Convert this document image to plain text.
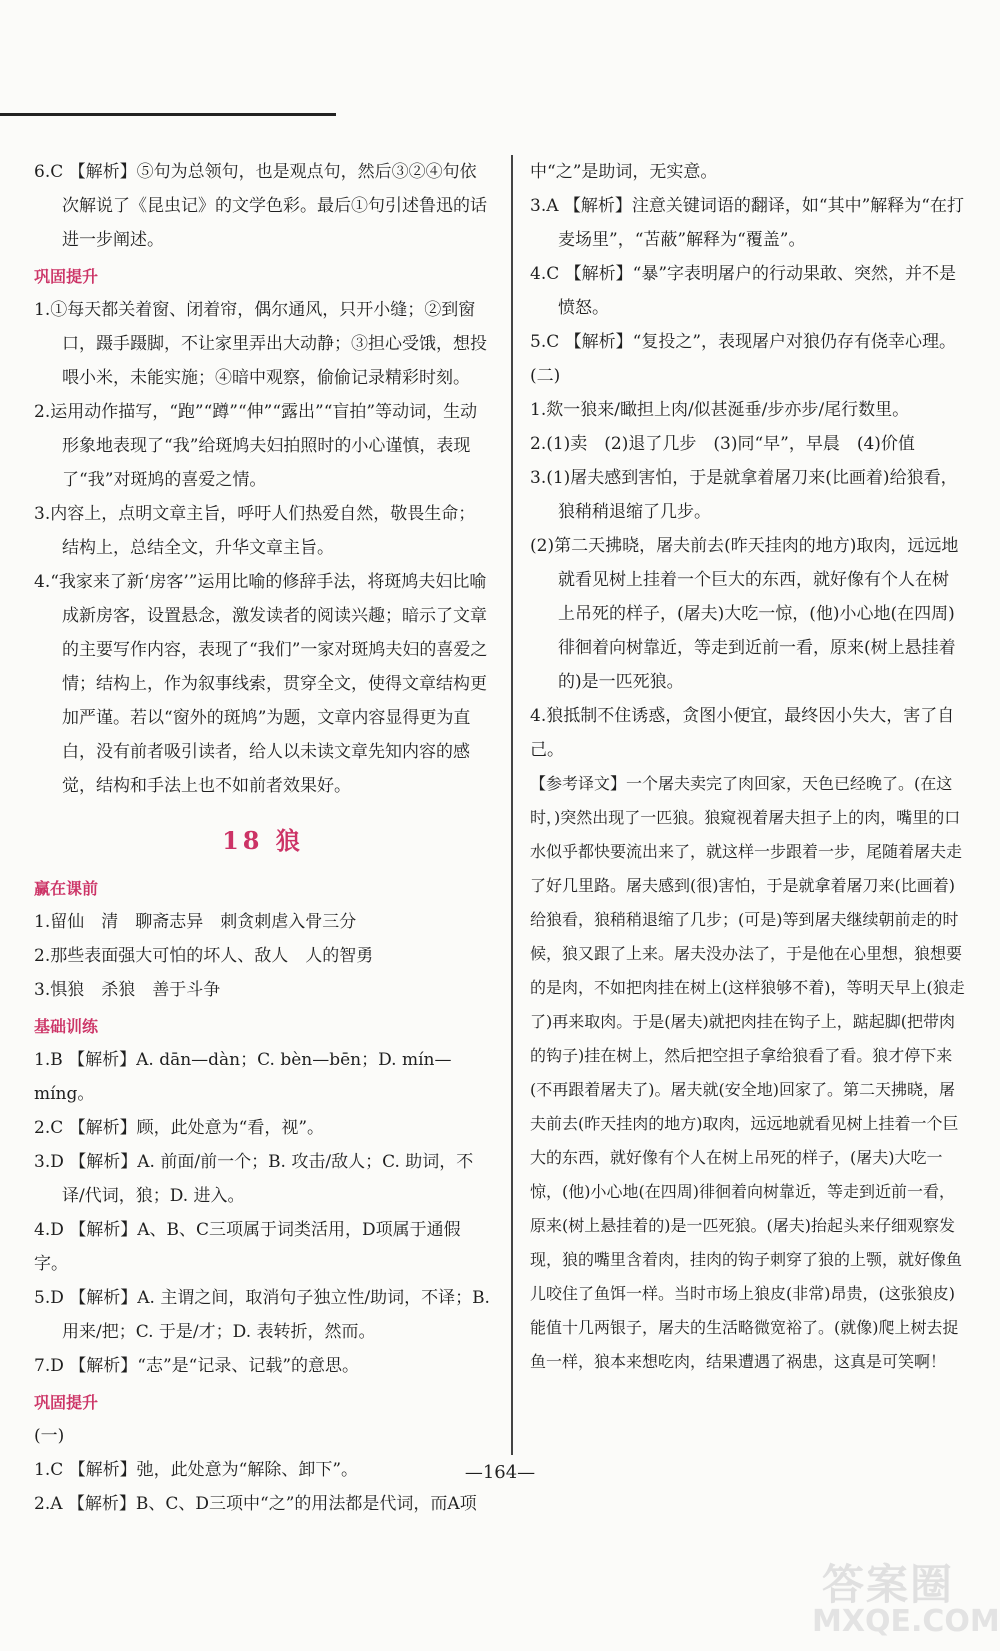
6.C 【解析】⑤句为总领句，也是观点句，然后③②④句依次解说了《昆虫记》的文学色彩。最后①句引述鲁迅的话进一步阐述。
巩固提升
1.①每天都关着窗、闭着帘，偶尔通风，只开小缝；②到窗口，蹑手蹑脚，不让家里弄出大动静；③担心受饿，想投喂小米，未能实施；④暗中观察，偷偷记录精彩时刻。
2.运用动作描写，“跑”“蹲”“伸”“露出”“盲拍”等动词，生动形象地表现了“我”给斑鸠夫妇拍照时的小心谨慎，表现了“我”对斑鸠的喜爱之情。
3.内容上，点明文章主旨，呼吁人们热爱自然，敬畏生命；结构上，总结全文，升华文章主旨。
4.“我家来了新‘房客’”运用比喻的修辞手法，将斑鸠夫妇比喻成新房客，设置悬念，激发读者的阅读兴趣；暗示了文章的主要写作内容，表现了“我们”一家对斑鸠夫妇的喜爱之情；结构上，作为叙事线索，贯穿全文，使得文章结构更加严谨。若以“窗外的斑鸠”为题，文章内容显得更为直白，没有前者吸引读者，给人以未读文章先知内容的感觉，结构和手法上也不如前者效果好。
18 狼
赢在课前
1.留仙　清　聊斋志异　刺贪刺虐入骨三分
2.那些表面强大可怕的坏人、敌人　人的智勇
3.惧狼　杀狼　善于斗争
基础训练
1.B 【解析】A. dān—dàn；C. bèn—bēn；D. mín—míng。
2.C 【解析】顾，此处意为“看，视”。
3.D 【解析】A. 前面/前一个；B. 攻击/敌人；C. 助词，不译/代词，狼；D. 进入。
4.D 【解析】A、B、C三项属于词类活用，D项属于通假字。
5.D 【解析】A. 主谓之间，取消句子独立性/助词，不译；B. 用来/把；C. 于是/才；D. 表转折，然而。
7.D 【解析】“志”是“记录、记载”的意思。
巩固提升
(一)
1.C 【解析】弛，此处意为“解除、卸下”。
2.A 【解析】B、C、D三项中“之”的用法都是代词，而A项
中“之”是助词，无实意。
3.A 【解析】注意关键词语的翻译，如“其中”解释为“在打麦场里”，“苫蔽”解释为“覆盖”。
4.C 【解析】“暴”字表明屠户的行动果敢、突然，并不是愤怒。
5.C 【解析】“复投之”，表现屠户对狼仍存有侥幸心理。
(二)
1.欻一狼来/瞰担上肉/似甚涎垂/步亦步/尾行数里。
2.(1)卖　(2)退了几步　(3)同“早”，早晨　(4)价值
3.(1)屠夫感到害怕，于是就拿着屠刀来(比画着)给狼看，狼稍稍退缩了几步。
(2)第二天拂晓，屠夫前去(昨天挂肉的地方)取肉，远远地就看见树上挂着一个巨大的东西，就好像有个人在树上吊死的样子，(屠夫)大吃一惊，(他)小心地(在四周)徘徊着向树靠近，等走到近前一看，原来(树上悬挂着的)是一匹死狼。
4.狼抵制不住诱惑，贪图小便宜，最终因小失大，害了自己。
【参考译文】一个屠夫卖完了肉回家，天色已经晚了。(在这时，)突然出现了一匹狼。狼窥视着屠夫担子上的肉，嘴里的口水似乎都快要流出来了，就这样一步跟着一步，尾随着屠夫走了好几里路。屠夫感到(很)害怕，于是就拿着屠刀来(比画着)给狼看，狼稍稍退缩了几步；(可是)等到屠夫继续朝前走的时候，狼又跟了上来。屠夫没办法了，于是他在心里想，狼想要的是肉，不如把肉挂在树上(这样狼够不着)，等明天早上(狼走了)再来取肉。于是(屠夫)就把肉挂在钩子上，踮起脚(把带肉的钩子)挂在树上，然后把空担子拿给狼看了看。狼才停下来(不再跟着屠夫了)。屠夫就(安全地)回家了。第二天拂晓，屠夫前去(昨天挂肉的地方)取肉，远远地就看见树上挂着一个巨大的东西，就好像有个人在树上吊死的样子，(屠夫)大吃一惊，(他)小心地(在四周)徘徊着向树靠近，等走到近前一看，原来(树上悬挂着的)是一匹死狼。(屠夫)抬起头来仔细观察发现，狼的嘴里含着肉，挂肉的钩子刺穿了狼的上颚，就好像鱼儿咬住了鱼饵一样。当时市场上狼皮(非常)昂贵，(这张狼皮)能值十几两银子，屠夫的生活略微宽裕了。(就像)爬上树去捉鱼一样，狼本来想吃肉，结果遭遇了祸患，这真是可笑啊！
—164—
答案圈
MXQE.COM
